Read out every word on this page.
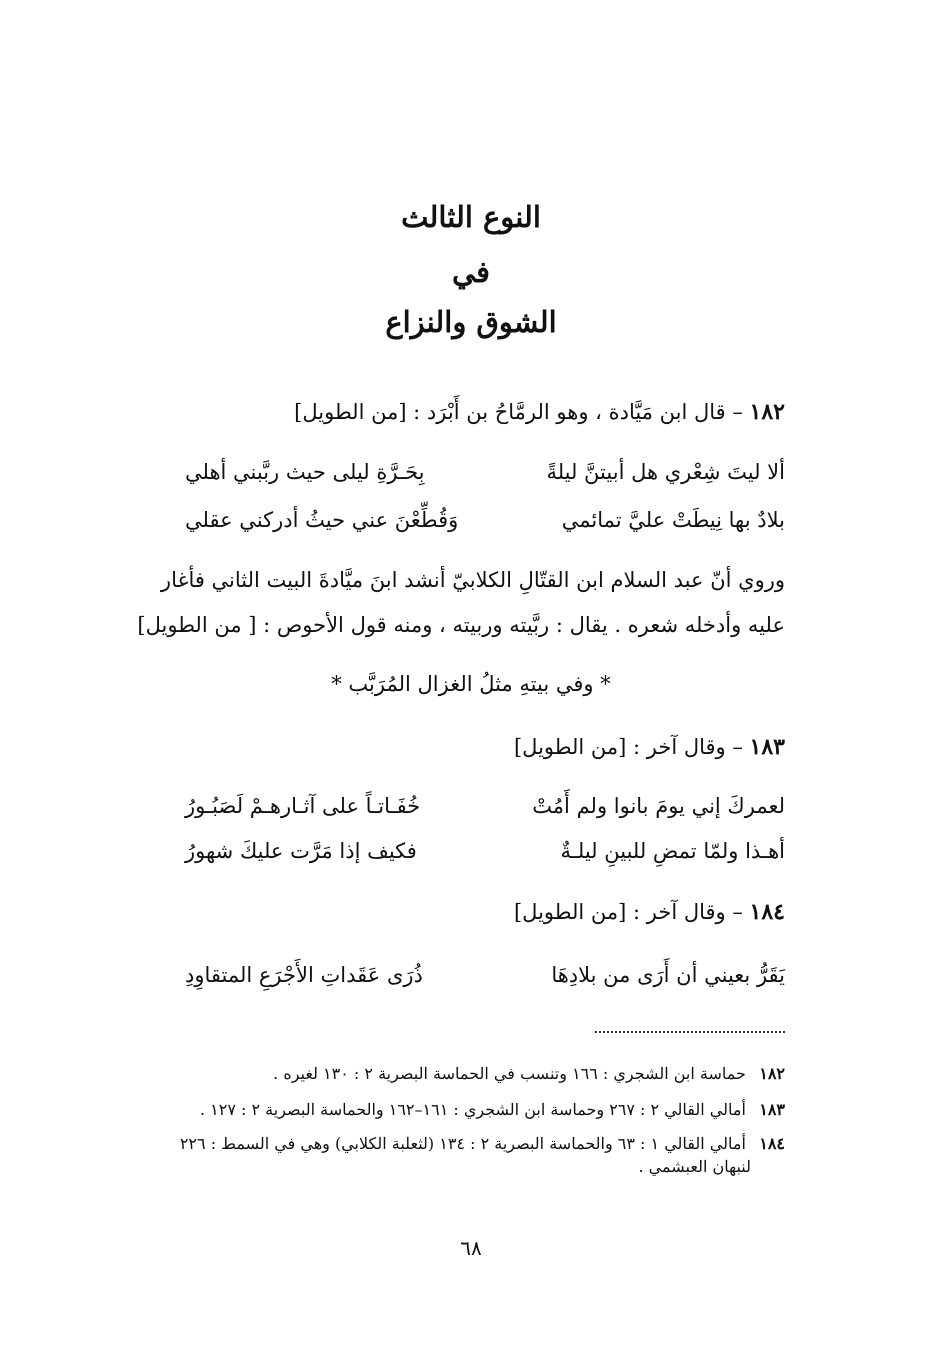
النوع الثالث
في
الشوق والنزاع
١٨٢ – قال ابن مَيَّادة ، وهو الرمَّاحُ بن أَبْرَد : [من الطويل]
ألا ليتَ شِعْري هل أبيتنَّ ليلةً
بِحَـرَّةِ ليلى حيث ربَّبني أهلي
بلادٌ بها نِيطَتْ عليَّ تمائمي
وَقُطِّعْنَ عني حيثُ أدركني عقلي
وروي أنّ عبد السلام ابن القتّالِ الكلابيّ أنشد ابنَ ميَّادةَ البيت الثاني فأغار
عليه وأدخله شعره . يقال : ربَّيته وربيته ، ومنه قول الأحوص : [ من الطويل]
* وفي بيتهِ مثلُ الغزال المُرَبَّب *
١٨٣ – وقال آخر : [من الطويل]
لعمركَ إني يومَ بانوا ولم أَمُتْ
خُفَـاتـاً على آثـارهـمْ لَصَبُـورُ
أهـذا ولمّا تمضِ للبينِ ليلـةٌ
فكيف إذا مَرَّت عليكَ شهورُ
١٨٤ – وقال آخر : [من الطويل]
يَقَرُّ بعيني أن أَرَى من بلادِهَا
ذُرَى عَقَداتِ الأَجْرَعِ المتقاوِدِ
١٨٢ حماسة ابن الشجري : ١٦٦ وتنسب في الحماسة البصرية ٢ : ١٣٠ لغيره .
١٨٣ أمالي القالي ٢ : ٢٦٧ وحماسة ابن الشجري : ١٦١–١٦٢ والحماسة البصرية ٢ : ١٢٧ .
١٨٤ أمالي القالي ١ : ٦٣ والحماسة البصرية ٢ : ١٣٤ (لثعلبة الكلابي) وهي في السمط : ٢٢٦
لنبهان العبشمي .
٦٨
